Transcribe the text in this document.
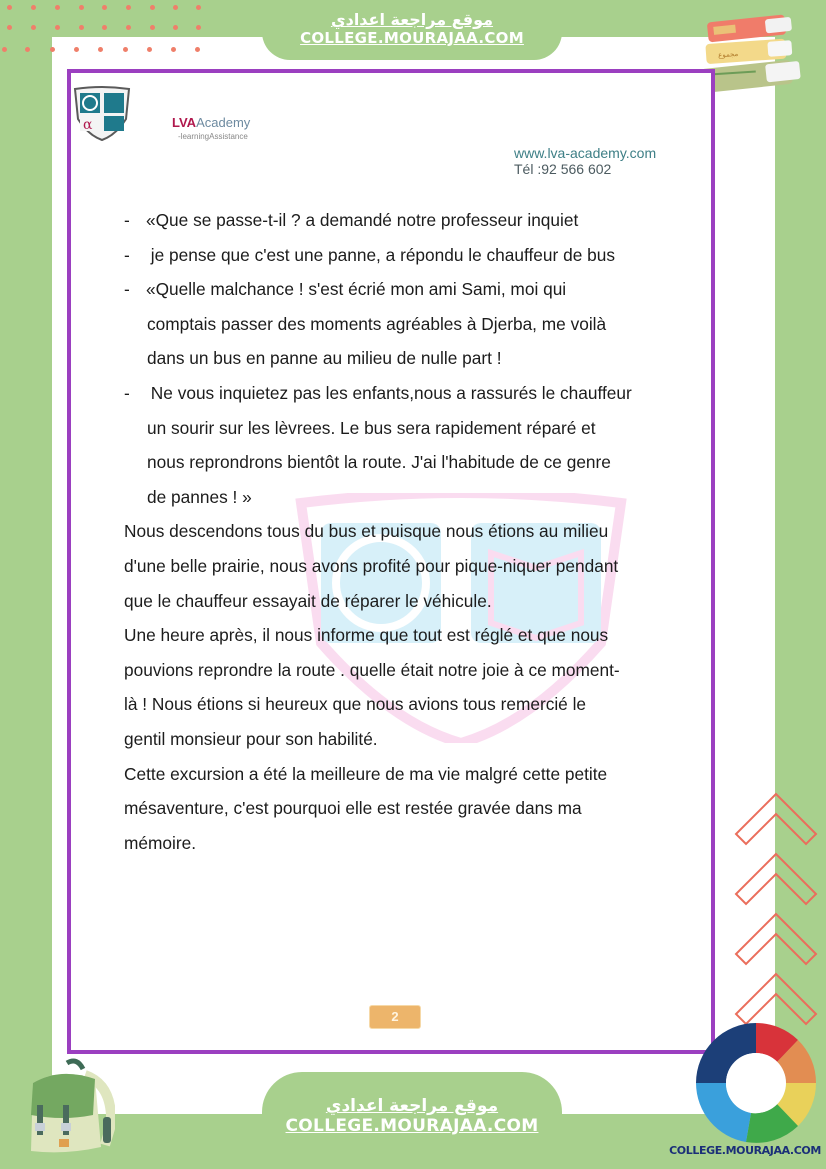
موقع مراجعة اعدادي
COLLEGE.MOURAJAA.COM
مجموع
α	LVAAcademy
-learningAssistance
www.lva-academy.com
Tél :92 566 602
- «Que se passe-t-il ? a demandé notre professeur inquiet
- je pense que c'est une panne, a répondu le chauffeur de bus
- «Quelle malchance ! s'est écrié mon ami Sami, moi qui
comptais passer des moments agréables à Djerba, me voilà
dans un bus en panne au milieu de nulle part !
- Ne vous inquietez pas les enfants,nous a rassurés le chauffeur
un sourir sur les lèvrees. Le bus sera rapidement réparé et
nous reprondrons bientôt la route. J'ai l'habitude de ce genre
de pannes ! »
Nous descendons tous du bus et puisque nous étions au milieu
d'une belle prairie, nous avons profité pour pique-niquer pendant
que le chauffeur essayait de réparer le véhicule.
Une heure après, il nous informe que tout est réglé et que nous
pouvions reprondre la route . quelle était notre joie à ce moment-
là ! Nous étions si heureux que nous avions tous remercié le
gentil monsieur pour son habilité.
Cette excursion a été la meilleure de ma vie malgré cette petite
mésaventure, c'est pourquoi elle est restée gravée dans ma
mémoire.
2
موقع مراجعة اعدادي
COLLEGE.MOURAJAA.COM
COLLEGE.MOURAJAA.COM
